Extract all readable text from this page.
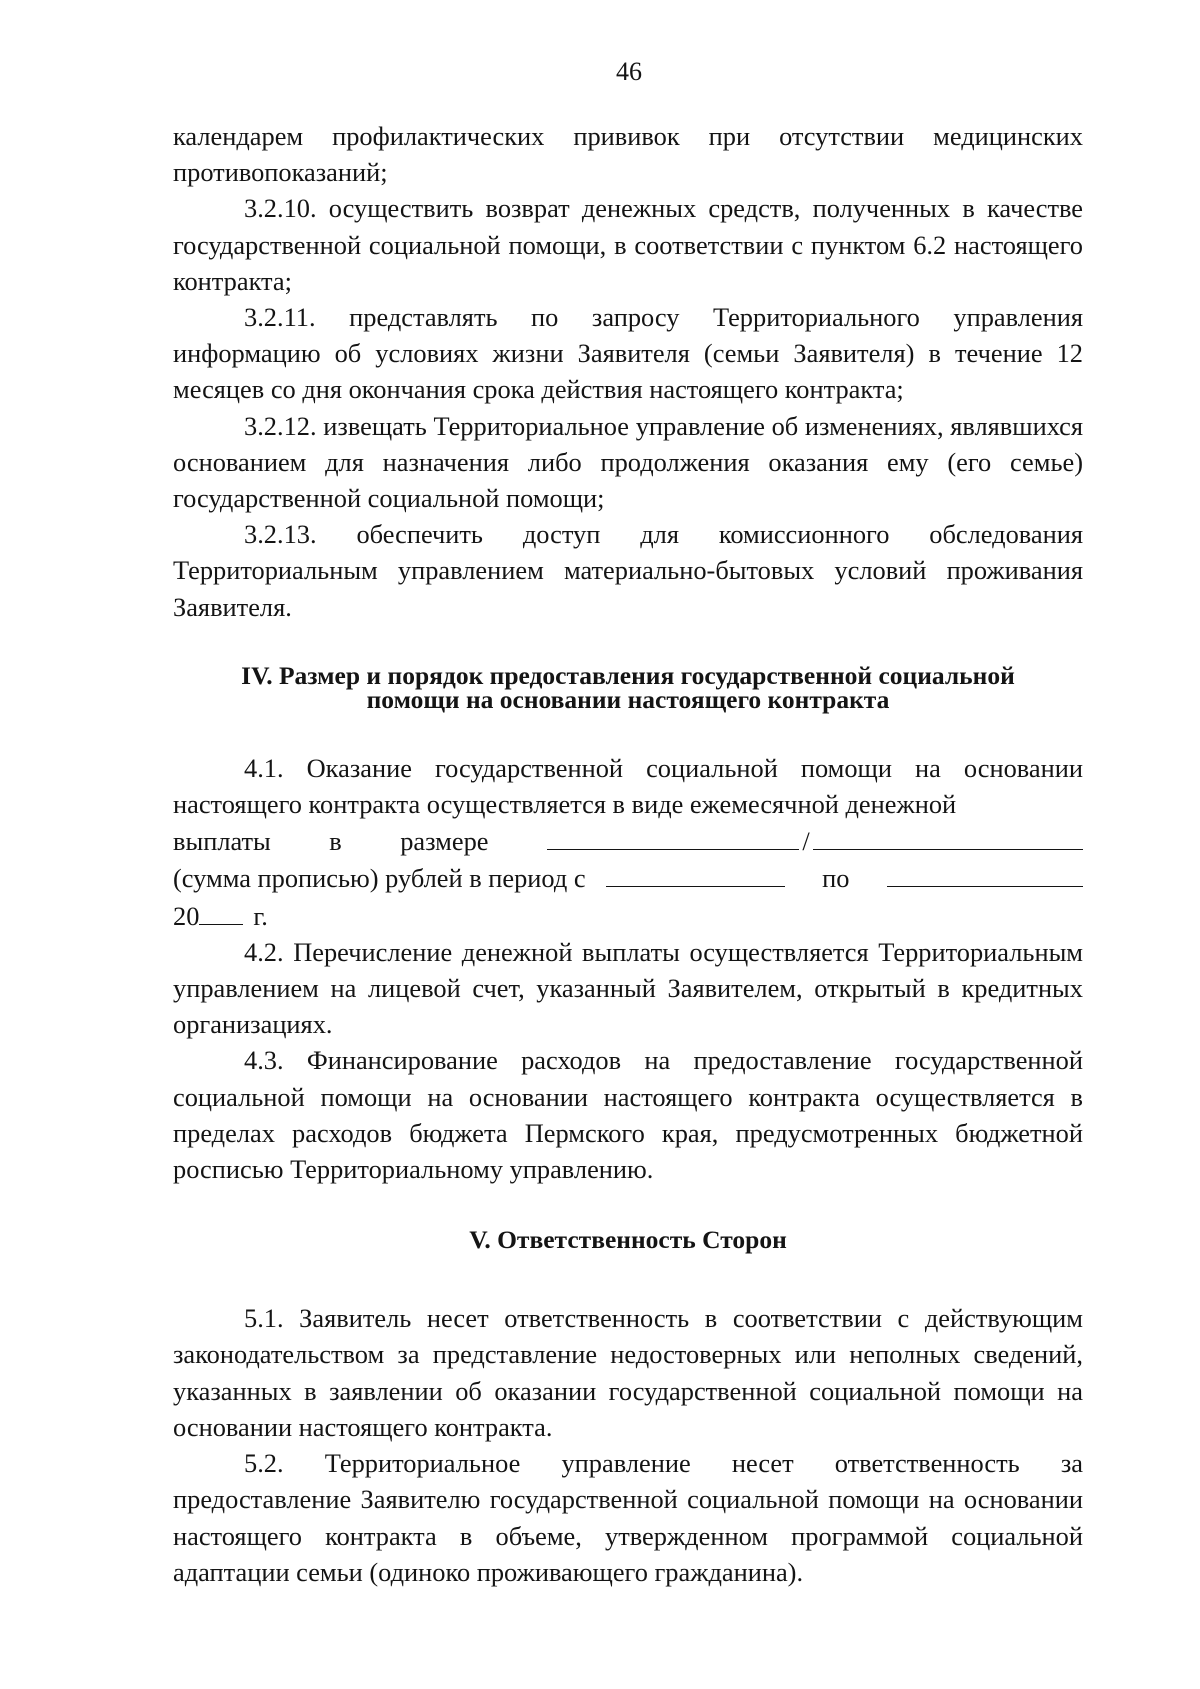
46

календарем профилактических прививок при отсутствии медицинских противопоказаний;

3.2.10. осуществить возврат денежных средств, полученных в качестве государственной социальной помощи, в соответствии с пунктом 6.2 настоящего контракта;

3.2.11. представлять по запросу Территориального управления информацию об условиях жизни Заявителя (семьи Заявителя) в течение 12 месяцев со дня окончания срока действия настоящего контракта;

3.2.12. извещать Территориальное управление об изменениях, являвшихся основанием для назначения либо продолжения оказания ему (его семье) государственной социальной помощи;

3.2.13. обеспечить доступ для комиссионного обследования Территориальным управлением материально-бытовых условий проживания Заявителя.

IV. Размер и порядок предоставления государственной социальной
помощи на основании настоящего контракта

4.1. Оказание государственной социальной помощи на основании настоящего контракта осуществляется в виде ежемесячной денежной

выплаты в размере	/
(сумма прописью) рублей в период с	по
20 г.

4.2. Перечисление денежной выплаты осуществляется Территориальным управлением на лицевой счет, указанный Заявителем, открытый в кредитных организациях.

4.3. Финансирование расходов на предоставление государственной социальной помощи на основании настоящего контракта осуществляется в пределах расходов бюджета Пермского края, предусмотренных бюджетной росписью Территориальному управлению.

V. Ответственность Сторон

5.1. Заявитель несет ответственность в соответствии с действующим законодательством за представление недостоверных или неполных сведений, указанных в заявлении об оказании государственной социальной помощи на основании настоящего контракта.

5.2. Территориальное управление несет ответственность за предоставление Заявителю государственной социальной помощи на основании настоящего контракта в объеме, утвержденном программой социальной адаптации семьи (одиноко проживающего гражданина).
